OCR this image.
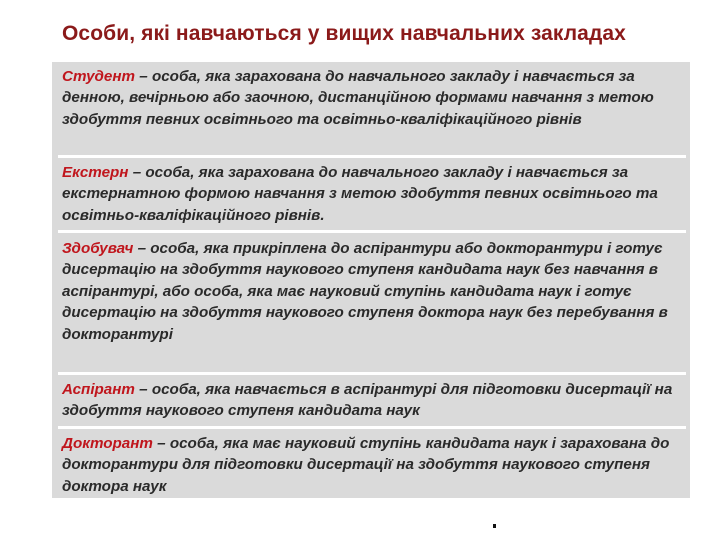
Особи, які навчаються у вищих навчальних закладах
Студент – особа, яка зарахована до навчального закладу і навчається за денною, вечірньою або заочною, дистанційною формами навчання з метою здобуття певних освітнього та освітньо-кваліфікаційного рівнів
Екстерн – особа, яка зарахована до навчального закладу і навчається за екстернатною формою навчання з метою здобуття певних освітнього та освітньо-кваліфікаційного рівнів.
Здобувач – особа, яка прикріплена до аспірантури або докторантури і готує дисертацію на здобуття наукового ступеня кандидата наук без навчання в аспірантурі, або особа, яка має науковий ступінь кандидата наук і готує дисертацію на здобуття наукового ступеня доктора наук без перебування в докторантурі
Аспірант – особа, яка навчається в аспірантурі для підготовки дисертації на здобуття наукового ступеня кандидата наук
Докторант – особа, яка має науковий ступінь кандидата наук і зарахована до докторантури для підготовки дисертації на здобуття наукового ступеня доктора наук
